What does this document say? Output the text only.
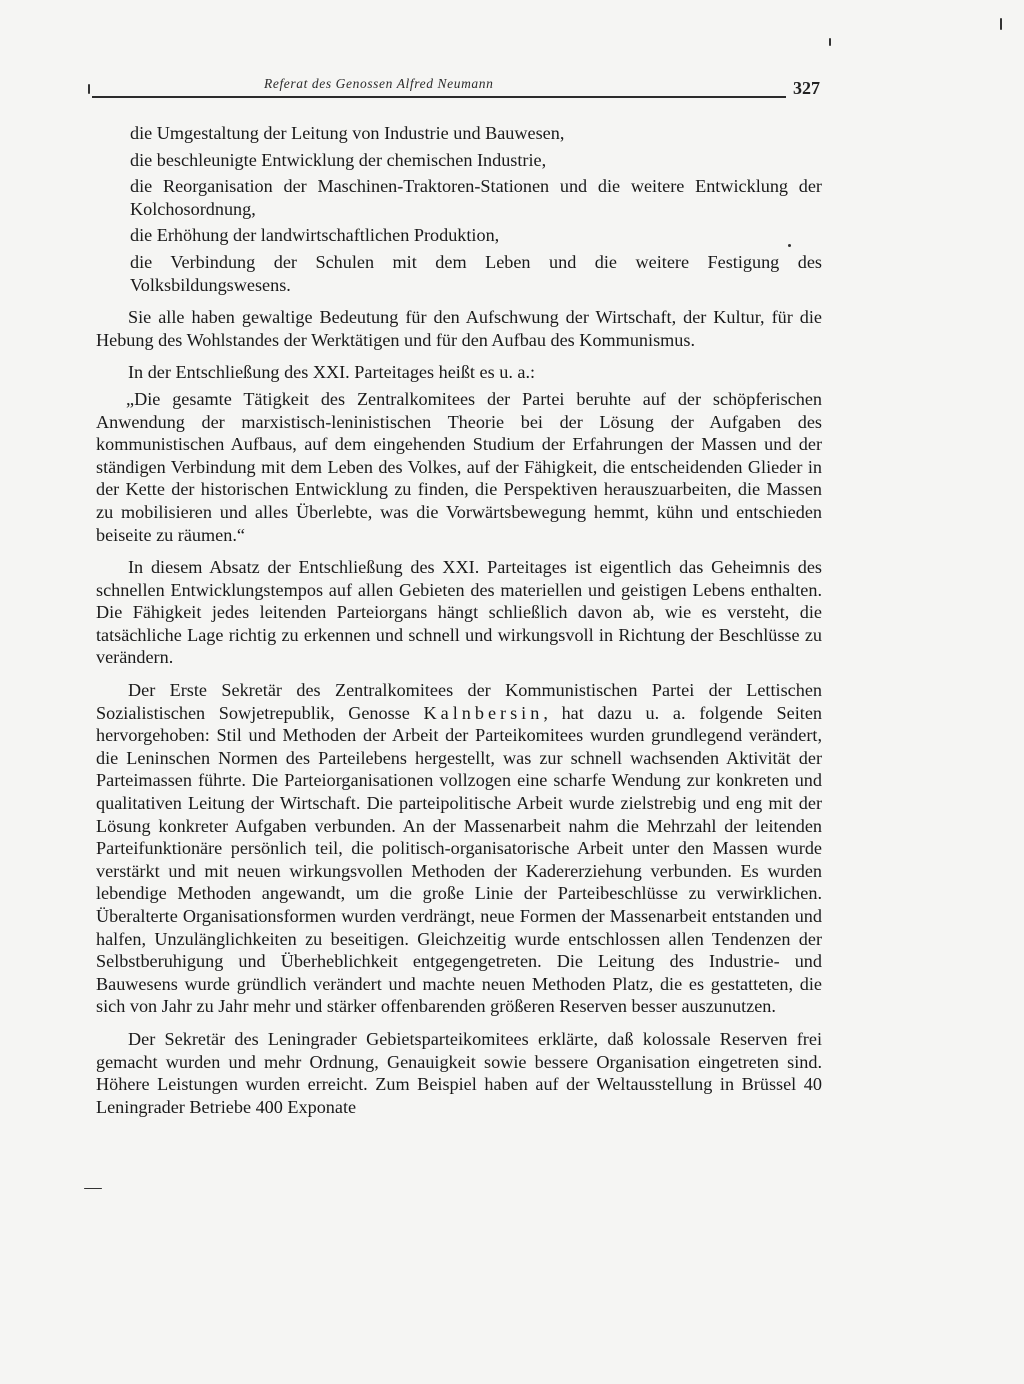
Referat des Genossen Alfred Neumann	327

die Umgestaltung der Leitung von Industrie und Bauwesen,

die beschleunigte Entwicklung der chemischen Industrie,

die Reorganisation der Maschinen-Traktoren-Stationen und die weitere Entwicklung der Kolchosordnung,

die Erhöhung der landwirtschaftlichen Produktion,

die Verbindung der Schulen mit dem Leben und die weitere Festigung des Volksbildungswesens.

Sie alle haben gewaltige Bedeutung für den Aufschwung der Wirtschaft, der Kultur, für die Hebung des Wohlstandes der Werktätigen und für den Aufbau des Kommunismus.

In der Entschließung des XXI. Parteitages heißt es u. a.:

„Die gesamte Tätigkeit des Zentralkomitees der Partei beruhte auf der schöpferischen Anwendung der marxistisch-leninistischen Theorie bei der Lösung der Aufgaben des kommunistischen Aufbaus, auf dem eingehenden Studium der Erfahrungen der Massen und der ständigen Verbindung mit dem Leben des Volkes, auf der Fähigkeit, die entscheidenden Glieder in der Kette der historischen Entwicklung zu finden, die Perspektiven herauszuarbeiten, die Massen zu mobilisieren und alles Überlebte, was die Vorwärtsbewegung hemmt, kühn und entschieden beiseite zu räumen.“

In diesem Absatz der Entschließung des XXI. Parteitages ist eigentlich das Geheimnis des schnellen Entwicklungstempos auf allen Gebieten des materiellen und geistigen Lebens enthalten. Die Fähigkeit jedes leitenden Parteiorgans hängt schließlich davon ab, wie es versteht, die tatsächliche Lage richtig zu erkennen und schnell und wirkungsvoll in Richtung der Beschlüsse zu verändern.

Der Erste Sekretär des Zentralkomitees der Kommunistischen Partei der Lettischen Sozialistischen Sowjetrepublik, Genosse Kalnbersin, hat dazu u. a. folgende Seiten hervorgehoben: Stil und Methoden der Arbeit der Parteikomitees wurden grundlegend verändert, die Leninschen Normen des Parteilebens hergestellt, was zur schnell wachsenden Aktivität der Parteimassen führte. Die Parteiorganisationen vollzogen eine scharfe Wendung zur konkreten und qualitativen Leitung der Wirtschaft. Die parteipolitische Arbeit wurde zielstrebig und eng mit der Lösung konkreter Aufgaben verbunden. An der Massenarbeit nahm die Mehrzahl der leitenden Parteifunktionäre persönlich teil, die politisch-organisatorische Arbeit unter den Massen wurde verstärkt und mit neuen wirkungsvollen Methoden der Kadererziehung verbunden. Es wurden lebendige Methoden angewandt, um die große Linie der Parteibeschlüsse zu verwirklichen. Überalterte Organisationsformen wurden verdrängt, neue Formen der Massenarbeit entstanden und halfen, Unzulänglichkeiten zu beseitigen. Gleichzeitig wurde entschlossen allen Tendenzen der Selbstberuhigung und Überheblichkeit entgegengetreten. Die Leitung des Industrie- und Bauwesens wurde gründlich verändert und machte neuen Methoden Platz, die es gestatteten, die sich von Jahr zu Jahr mehr und stärker offenbarenden größeren Reserven besser auszunutzen.

Der Sekretär des Leningrader Gebietsparteikomitees erklärte, daß kolossale Reserven frei gemacht wurden und mehr Ordnung, Genauigkeit sowie bessere Organisation eingetreten sind. Höhere Leistungen wurden erreicht. Zum Beispiel haben auf der Weltausstellung in Brüssel 40 Leningrader Betriebe 400 Exponate
